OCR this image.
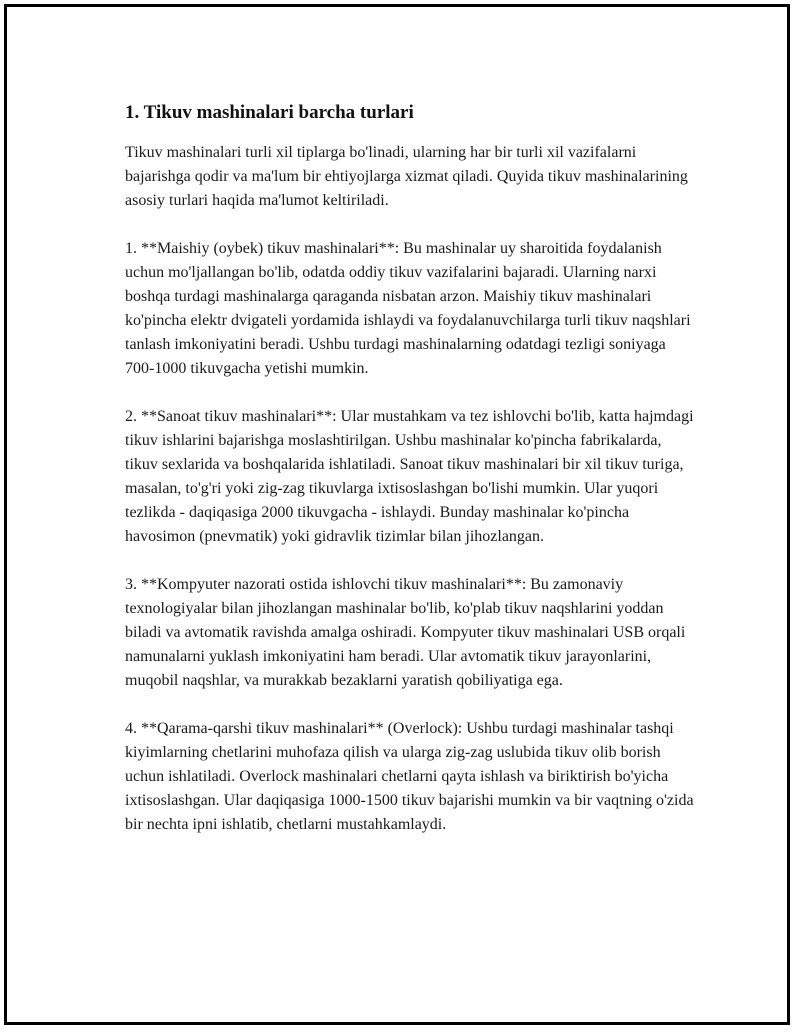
1. Tikuv mashinalari barcha turlari

Tikuv mashinalari turli xil tiplarga bo'linadi, ularning har bir turli xil vazifalarni bajarishga qodir va ma'lum bir ehtiyojlarga xizmat qiladi. Quyida tikuv mashinalarining asosiy turlari haqida ma'lumot keltiriladi.

1. **Maishiy (oybek) tikuv mashinalari**: Bu mashinalar uy sharoitida foydalanish uchun mo'ljallangan bo'lib, odatda oddiy tikuv vazifalarini bajaradi. Ularning narxi boshqa turdagi mashinalarga qaraganda nisbatan arzon. Maishiy tikuv mashinalari ko'pincha elektr dvigateli yordamida ishlaydi va foydalanuvchilarga turli tikuv naqshlari tanlash imkoniyatini beradi. Ushbu turdagi mashinalarning odatdagi tezligi soniyaga 700-1000 tikuvgacha yetishi mumkin.

2. **Sanoat tikuv mashinalari**: Ular mustahkam va tez ishlovchi bo'lib, katta hajmdagi tikuv ishlarini bajarishga moslashtirilgan. Ushbu mashinalar ko'pincha fabrikalarda, tikuv sexlarida va boshqalarida ishlatiladi. Sanoat tikuv mashinalari bir xil tikuv turiga, masalan, to'g'ri yoki zig-zag tikuvlarga ixtisoslashgan bo'lishi mumkin. Ular yuqori tezlikda - daqiqasiga 2000 tikuvgacha - ishlaydi. Bunday mashinalar ko'pincha havosimon (pnevmatik) yoki gidravlik tizimlar bilan jihozlangan.

3. **Kompyuter nazorati ostida ishlovchi tikuv mashinalari**: Bu zamonaviy texnologiyalar bilan jihozlangan mashinalar bo'lib, ko'plab tikuv naqshlarini yoddan biladi va avtomatik ravishda amalga oshiradi. Kompyuter tikuv mashinalari USB orqali namunalarni yuklash imkoniyatini ham beradi. Ular avtomatik tikuv jarayonlarini, muqobil naqshlar, va murakkab bezaklarni yaratish qobiliyatiga ega.

4. **Qarama-qarshi tikuv mashinalari** (Overlock): Ushbu turdagi mashinalar tashqi kiyimlarning chetlarini muhofaza qilish va ularga zig-zag uslubida tikuv olib borish uchun ishlatiladi. Overlock mashinalari chetlarni qayta ishlash va biriktirish bo'yicha ixtisoslashgan. Ular daqiqasiga 1000-1500 tikuv bajarishi mumkin va bir vaqtning o'zida bir nechta ipni ishlatib, chetlarni mustahkamlaydi.
